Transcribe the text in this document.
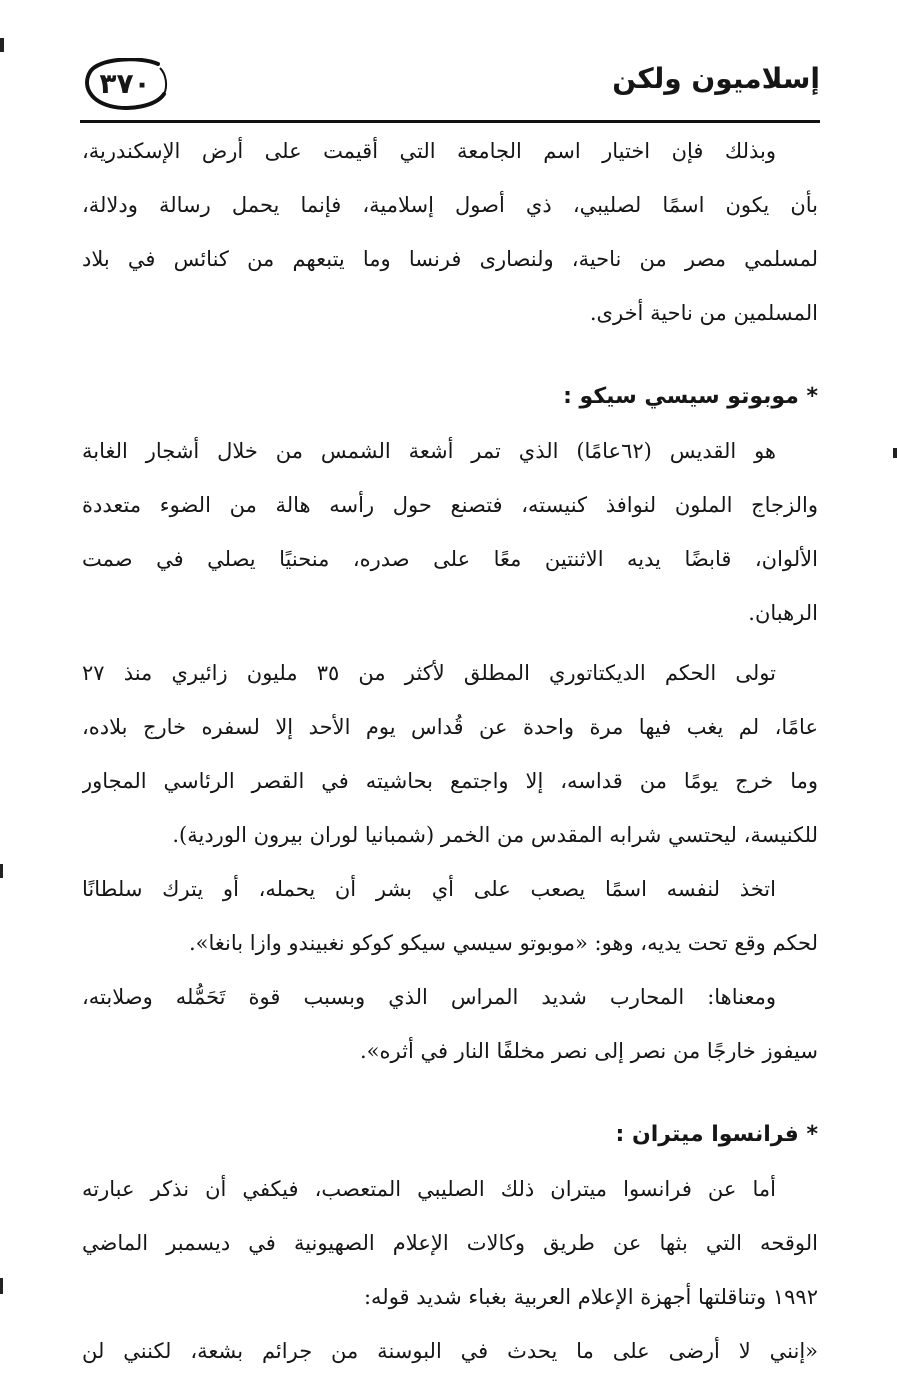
٣٧٠	إسلاميون ولكن
وبذلك فإن اختيار اسم الجامعة التي أقيمت على أرض الإسكندرية،
بأن يكون اسمًا لصليبي، ذي أصول إسلامية، فإنما يحمل رسالة ودلالة،
لمسلمي مصر من ناحية، ولنصارى فرنسا وما يتبعهم من كنائس في بلاد
المسلمين من ناحية أخرى.
* موبوتو سيسي سيكو :
هو القديس (٦٢عامًا) الذي تمر أشعة الشمس من خلال أشجار الغابة
والزجاج الملون لنوافذ كنيسته، فتصنع حول رأسه هالة من الضوء متعددة
الألوان، قابضًا يديه الاثنتين معًا على صدره، منحنيًا يصلي في صمت
الرهبان.
تولى الحكم الديكتاتوري المطلق لأكثر من ٣٥ مليون زائيري منذ ٢٧
عامًا، لم يغب فيها مرة واحدة عن قُداس يوم الأحد إلا لسفره خارج بلاده،
وما خرج يومًا من قداسه، إلا واجتمع بحاشيته في القصر الرئاسي المجاور
للكنيسة، ليحتسي شرابه المقدس من الخمر (شمبانيا لوران بيرون الوردية).
اتخذ لنفسه اسمًا يصعب على أي بشر أن يحمله، أو يترك سلطانًا
لحكم وقع تحت يديه، وهو: «موبوتو سيسي سيكو كوكو نغبيندو وازا بانغا».
ومعناها: المحارب شديد المراس الذي وبسبب قوة تَحَمُّله وصلابته،
سيفوز خارجًا من نصر إلى نصر مخلفًا النار في أثره».
* فرانسوا ميتران :
أما عن فرانسوا ميتران ذلك الصليبي المتعصب، فيكفي أن نذكر عبارته
الوقحه التي بثها عن طريق وكالات الإعلام الصهيونية في ديسمبر الماضي
١٩٩٢ وتناقلتها أجهزة الإعلام العربية بغباء شديد قوله:
«إنني لا أرضى على ما يحدث في البوسنة من جرائم بشعة، لكنني لن
